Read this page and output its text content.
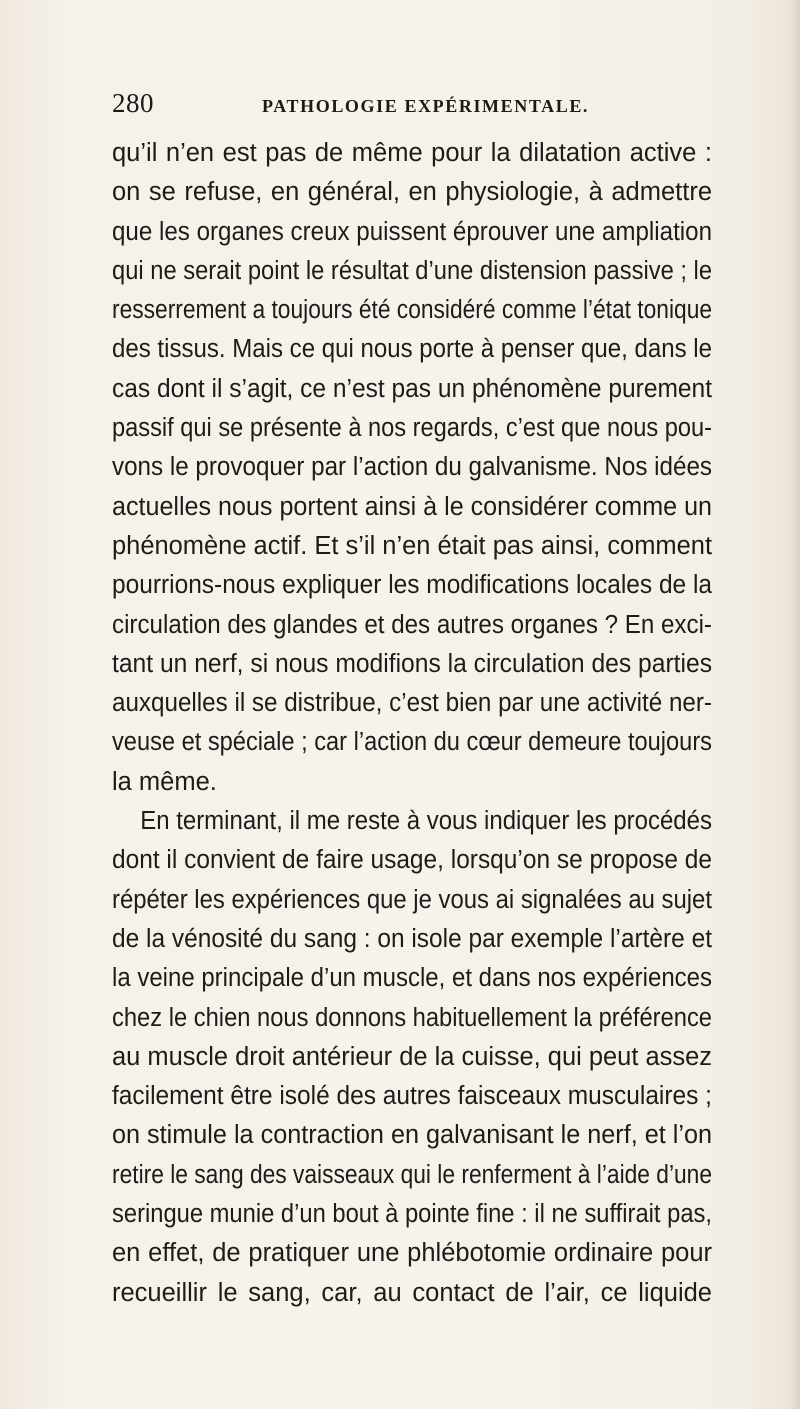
280	PATHOLOGIE EXPÉRIMENTALE.
qu’il n’en est pas de même pour la dilatation active :
on se refuse, en général, en physiologie, à admettre
que les organes creux puissent éprouver une ampliation
qui ne serait point le résultat d’une distension passive ; le
resserrement a toujours été considéré comme l’état tonique
des tissus. Mais ce qui nous porte à penser que, dans le
cas dont il s’agit, ce n’est pas un phénomène purement
passif qui se présente à nos regards, c’est que nous pou-
vons le provoquer par l’action du galvanisme. Nos idées
actuelles nous portent ainsi à le considérer comme un
phénomène actif. Et s’il n’en était pas ainsi, comment
pourrions-nous expliquer les modifications locales de la
circulation des glandes et des autres organes ? En exci-
tant un nerf, si nous modifions la circulation des parties
auxquelles il se distribue, c’est bien par une activité ner-
veuse et spéciale ; car l’action du cœur demeure toujours
la même.
En terminant, il me reste à vous indiquer les procédés
dont il convient de faire usage, lorsqu’on se propose de
répéter les expériences que je vous ai signalées au sujet
de la vénosité du sang : on isole par exemple l’artère et
la veine principale d’un muscle, et dans nos expériences
chez le chien nous donnons habituellement la préférence
au muscle droit antérieur de la cuisse, qui peut assez
facilement être isolé des autres faisceaux musculaires ;
on stimule la contraction en galvanisant le nerf, et l’on
retire le sang des vaisseaux qui le renferment à l’aide d’une
seringue munie d’un bout à pointe fine : il ne suffirait pas,
en effet, de pratiquer une phlébotomie ordinaire pour
recueillir le sang, car, au contact de l’air, ce liquide
